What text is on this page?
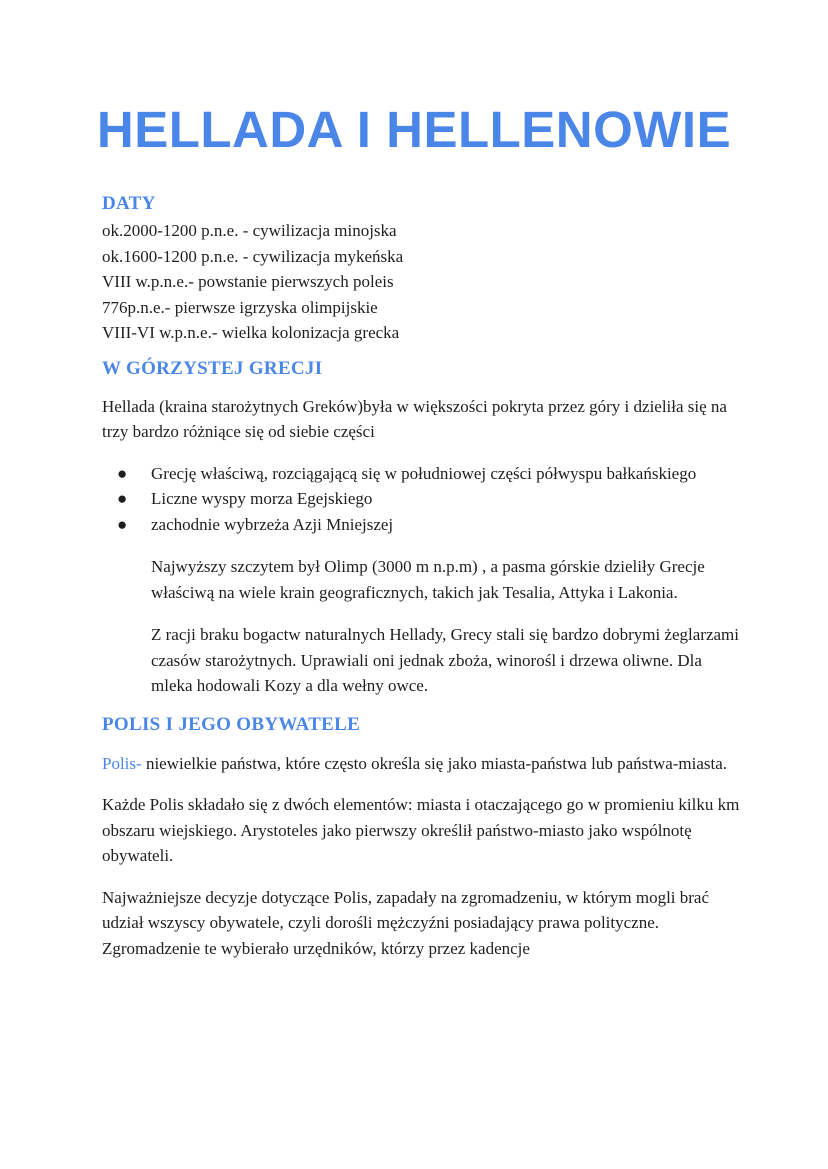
HELLADA I HELLENOWIE
DATY
ok.2000-1200 p.n.e. - cywilizacja minojska
ok.1600-1200 p.n.e. - cywilizacja mykeńska
VIII w.p.n.e.- powstanie pierwszych poleis
776p.n.e.- pierwsze igrzyska olimpijskie
VIII-VI w.p.n.e.- wielka kolonizacja grecka
W GÓRZYSTEJ GRECJI

Hellada (kraina starożytnych Greków)była w większości pokryta przez góry i dzieliła się na trzy bardzo różniące się od siebie części

● Grecję właściwą, rozciągającą się w południowej części półwyspu bałkańskiego
● Liczne wyspy morza Egejskiego
● zachodnie wybrzeża Azji Mniejszej

Najwyższy szczytem był Olimp (3000 m n.p.m) , a pasma górskie dzieliły Grecje właściwą na wiele krain geograficznych, takich jak Tesalia, Attyka i Lakonia.

Z racji braku bogactw naturalnych Hellady, Grecy stali się bardzo dobrymi żeglarzami czasów starożytnych. Uprawiali oni jednak zboża, winorośl i drzewa oliwne. Dla mleka hodowali Kozy a dla wełny owce.

POLIS I JEGO OBYWATELE

Polis- niewielkie państwa, które często określa się jako miasta-państwa lub państwa-miasta.

Każde Polis składało się z dwóch elementów: miasta i otaczającego go w promieniu kilku km obszaru wiejskiego. Arystoteles jako pierwszy określił państwo-miasto jako wspólnotę obywateli.

Najważniejsze decyzje dotyczące Polis, zapadały na zgromadzeniu, w którym mogli brać udział wszyscy obywatele, czyli dorośli mężczyźni posiadający prawa polityczne. Zgromadzenie te wybierało urzędników, którzy przez kadencje
